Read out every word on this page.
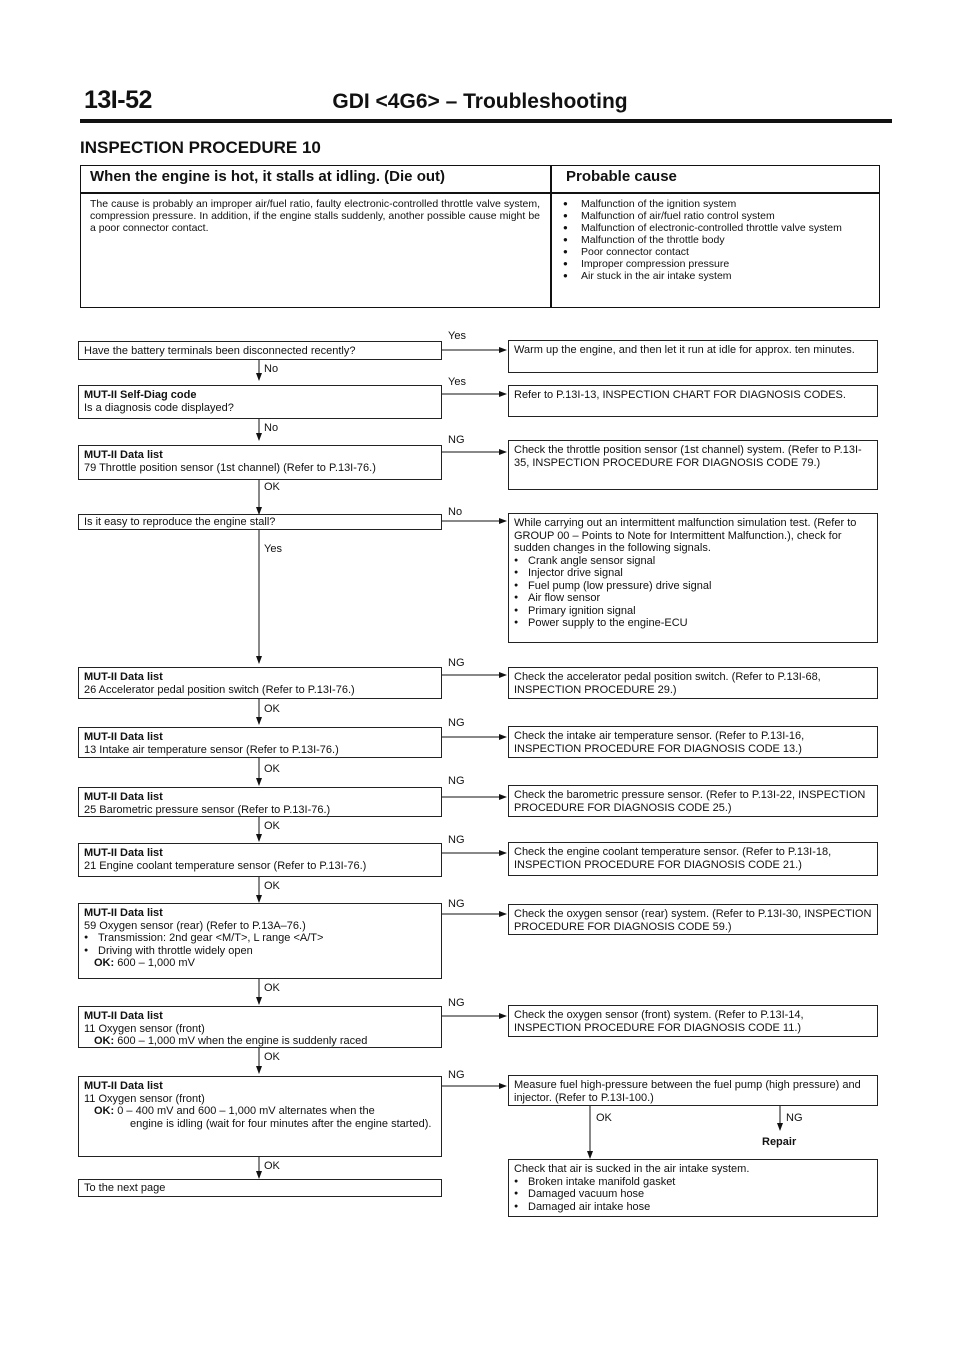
13I-52	GDI <4G6> – Troubleshooting
INSPECTION PROCEDURE 10
When the engine is hot, it stalls at idling. (Die out)	Probable cause
The cause is probably an improper air/fuel ratio, faulty electronic-controlled throttle valve system, compression pressure. In addition, if the engine stalls suddenly, another possible cause might be a poor connector contact.
● Malfunction of the ignition system
● Malfunction of air/fuel ratio control system
● Malfunction of electronic-controlled throttle valve system
● Malfunction of the throttle body
● Poor connector contact
● Improper compression pressure
● Air stuck in the air intake system
Have the battery terminals been disconnected recently?
Yes
No
Warm up the engine, and then let it run at idle for approx. ten minutes.
MUT-II Self-Diag code
Is a diagnosis code displayed?
Yes
No
Refer to P.13I-13, INSPECTION CHART FOR DIAGNOSIS CODES.
MUT-II Data list
79 Throttle position sensor (1st channel) (Refer to P.13I-76.)
NG
OK
Check the throttle position sensor (1st channel) system. (Refer to P.13I-35, INSPECTION PROCEDURE FOR DIAGNOSIS CODE 79.)
Is it easy to reproduce the engine stall?
No
Yes
While carrying out an intermittent malfunction simulation test. (Refer to GROUP 00 – Points to Note for Intermittent Malfunction.), check for sudden changes in the following signals.
● Crank angle sensor signal
● Injector drive signal
● Fuel pump (low pressure) drive signal
● Air flow sensor
● Primary ignition signal
● Power supply to the engine-ECU
MUT-II Data list
26 Accelerator pedal position switch (Refer to P.13I-76.)
NG
OK
Check the accelerator pedal position switch. (Refer to P.13I-68, INSPECTION PROCEDURE 29.)
MUT-II Data list
13 Intake air temperature sensor (Refer to P.13I-76.)
NG
OK
Check the intake air temperature sensor. (Refer to P.13I-16, INSPECTION PROCEDURE FOR DIAGNOSIS CODE 13.)
MUT-II Data list
25 Barometric pressure sensor (Refer to P.13I-76.)
NG
OK
Check the barometric pressure sensor. (Refer to P.13I-22, INSPECTION PROCEDURE FOR DIAGNOSIS CODE 25.)
MUT-II Data list
21 Engine coolant temperature sensor (Refer to P.13I-76.)
NG
OK
Check the engine coolant temperature sensor. (Refer to P.13I-18, INSPECTION PROCEDURE FOR DIAGNOSIS CODE 21.)
MUT-II Data list
59 Oxygen sensor (rear) (Refer to P.13A–76.)
● Transmission: 2nd gear <M/T>, L range <A/T>
● Driving with throttle widely open
OK: 600 – 1,000 mV
NG
OK
Check the oxygen sensor (rear) system. (Refer to P.13I-30, INSPECTION PROCEDURE FOR DIAGNOSIS CODE 59.)
MUT-II Data list
11 Oxygen sensor (front)
OK: 600 – 1,000 mV when the engine is suddenly raced
NG
OK
Check the oxygen sensor (front) system. (Refer to P.13I-14, INSPECTION PROCEDURE FOR DIAGNOSIS CODE 11.)
MUT-II Data list
11 Oxygen sensor (front)
OK: 0 – 400 mV and 600 – 1,000 mV alternates when the
engine is idling (wait for four minutes after the engine started).
NG
OK
Measure fuel high-pressure between the fuel pump (high pressure) and injector. (Refer to P.13I-100.)
OK	NG
Repair
To the next page
Check that air is sucked in the air intake system.
● Broken intake manifold gasket
● Damaged vacuum hose
● Damaged air intake hose
